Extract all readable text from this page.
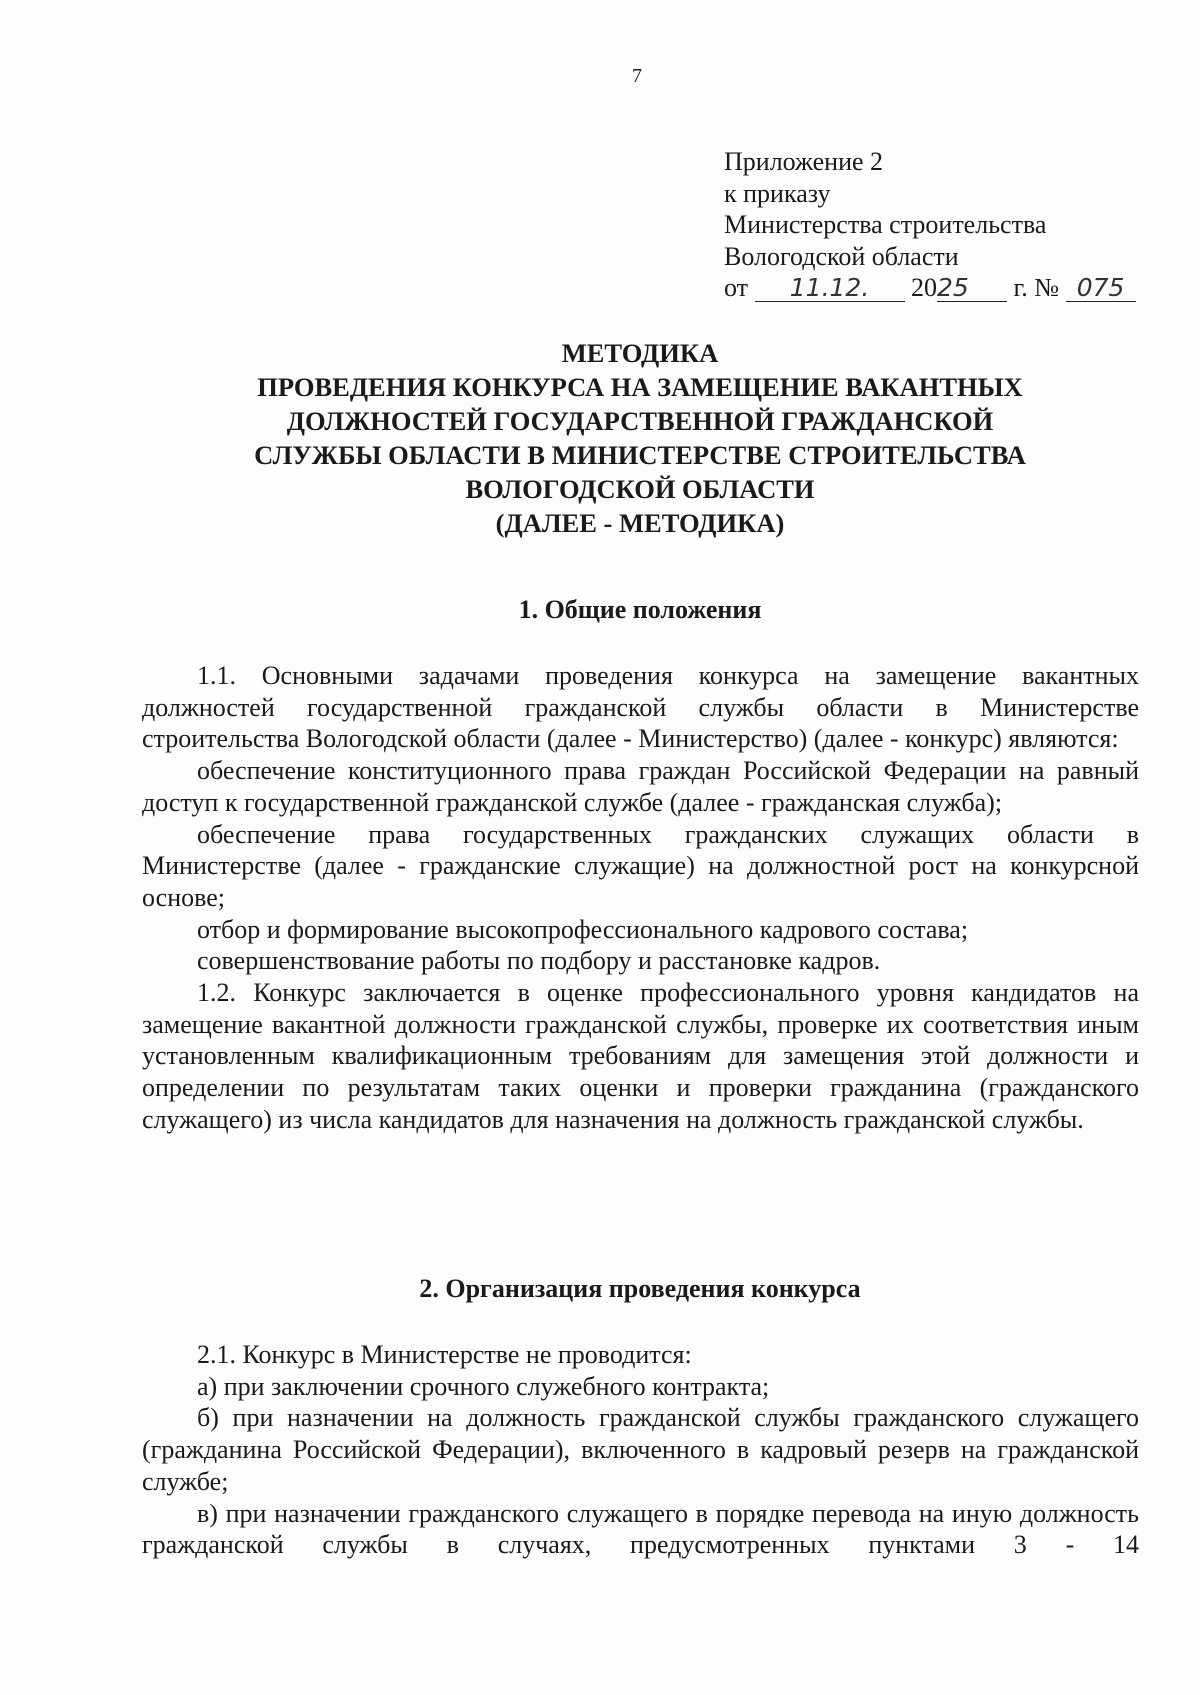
7
Приложение 2
к приказу
Министерства строительства
Вологодской области
от 11.12. 2025 г. № 075
МЕТОДИКА
ПРОВЕДЕНИЯ КОНКУРСА НА ЗАМЕЩЕНИЕ ВАКАНТНЫХ
ДОЛЖНОСТЕЙ ГОСУДАРСТВЕННОЙ ГРАЖДАНСКОЙ
СЛУЖБЫ ОБЛАСТИ В МИНИСТЕРСТВЕ СТРОИТЕЛЬСТВА
ВОЛОГОДСКОЙ ОБЛАСТИ
(ДАЛЕЕ - МЕТОДИКА)
1. Общие положения

1.1. Основными задачами проведения конкурса на замещение вакантных должностей государственной гражданской службы области в Министерстве строительства Вологодской области (далее - Министерство) (далее - конкурс) являются:

обеспечение конституционного права граждан Российской Федерации на равный доступ к государственной гражданской службе (далее - гражданская служба);

обеспечение права государственных гражданских служащих области в Министерстве (далее - гражданские служащие) на должностной рост на конкурсной основе;

отбор и формирование высокопрофессионального кадрового состава;

совершенствование работы по подбору и расстановке кадров.

1.2. Конкурс заключается в оценке профессионального уровня кандидатов на замещение вакантной должности гражданской службы, проверке их соответствия иным установленным квалификационным требованиям для замещения этой должности и определении по результатам таких оценки и проверки гражданина (гражданского служащего) из числа кандидатов для назначения на должность гражданской службы.

2. Организация проведения конкурса

2.1. Конкурс в Министерстве не проводится:

а) при заключении срочного служебного контракта;

б) при назначении на должность гражданской службы гражданского служащего (гражданина Российской Федерации), включенного в кадровый резерв на гражданской службе;

в) при назначении гражданского служащего в порядке перевода на иную должность гражданской службы в случаях, предусмотренных пунктами 3 - 14
